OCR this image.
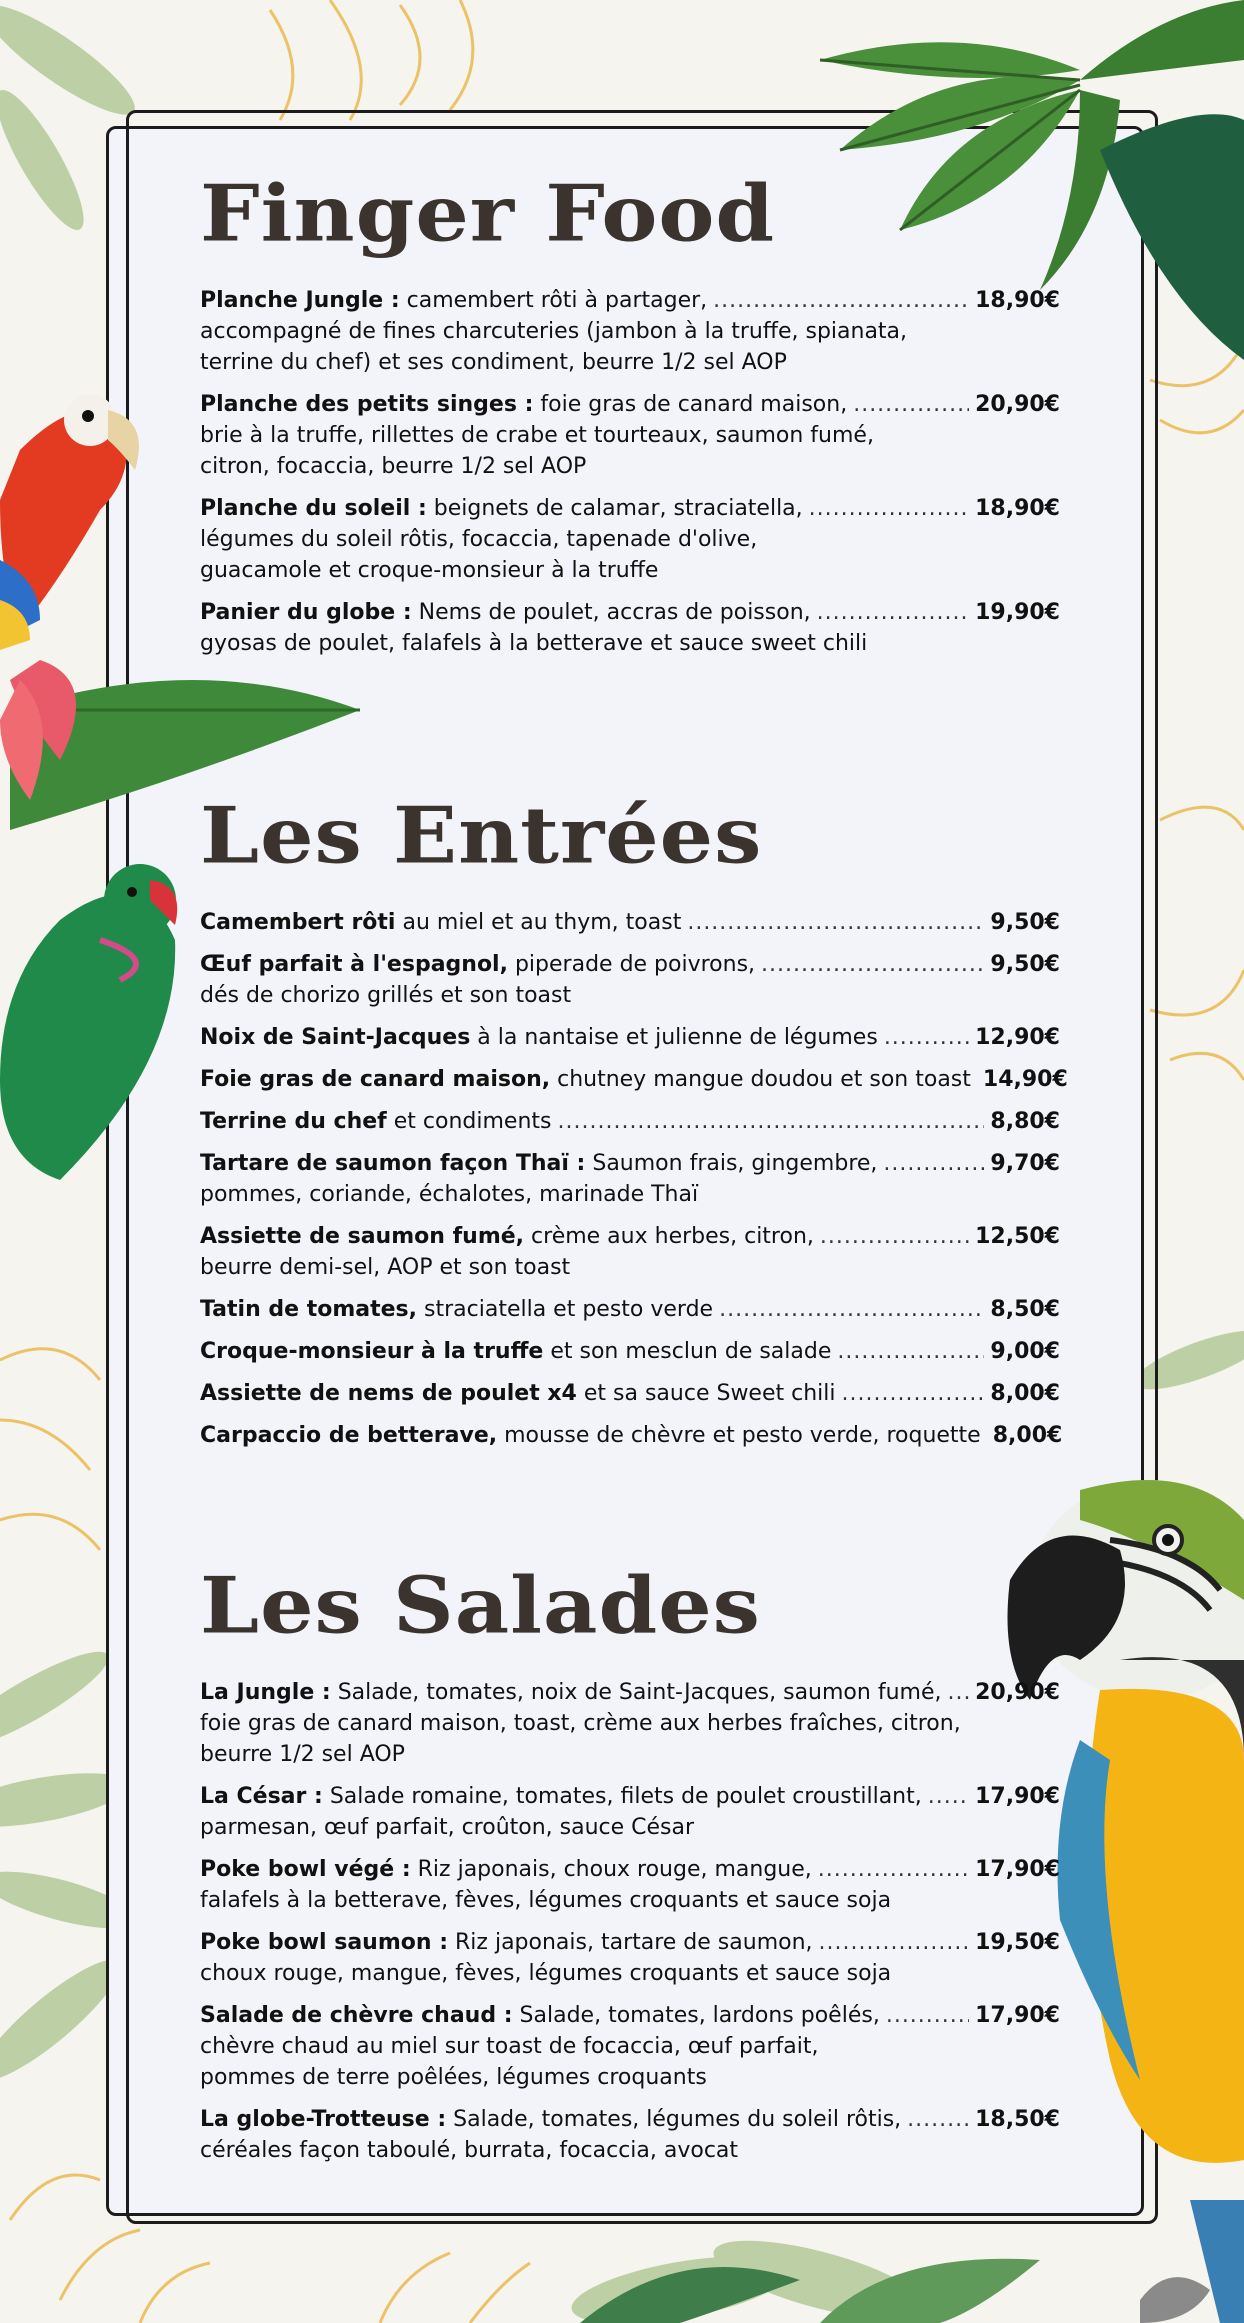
Finger Food
Planche Jungle : camembert rôti à partager, .....	18,90€
accompagné de fines charcuteries (jambon à la truffe, spianata,
terrine du chef) et ses condiment, beurre 1/2 sel AOP
Planche des petits singes : foie gras de canard maison, .....	20,90€
brie à la truffe, rillettes de crabe et tourteaux, saumon fumé,
citron, focaccia, beurre 1/2 sel AOP
Planche du soleil : beignets de calamar, straciatella, .....	18,90€
légumes du soleil rôtis, focaccia, tapenade d'olive,
guacamole et croque-monsieur à la truffe
Panier du globe : Nems de poulet, accras de poisson, .....	19,90€
gyosas de poulet, falafels à la betterave et sauce sweet chili
Les Entrées
Camembert rôti au miel et au thym, toast .....	9,50€
Œuf parfait à l'espagnol, piperade de poivrons, .....	9,50€
dés de chorizo grillés et son toast
Noix de Saint-Jacques à la nantaise et julienne de légumes .....	12,90€
Foie gras de canard maison, chutney mangue doudou et son toast 14,90€
Terrine du chef et condiments .....	8,80€
Tartare de saumon façon Thaï : Saumon frais, gingembre, .....	9,70€
pommes, coriande, échalotes, marinade Thaï
Assiette de saumon fumé, crème aux herbes, citron, .....	12,50€
beurre demi-sel, AOP et son toast
Tatin de tomates, straciatella et pesto verde .....	8,50€
Croque-monsieur à la truffe et son mesclun de salade .....	9,00€
Assiette de nems de poulet x4 et sa sauce Sweet chili .....	8,00€
Carpaccio de betterave, mousse de chèvre et pesto verde, roquette 8,00€
Les Salades
La Jungle : Salade, tomates, noix de Saint-Jacques, saumon fumé, ..... 20,90€
foie gras de canard maison, toast, crème aux herbes fraîches, citron,
beurre 1/2 sel AOP
La César : Salade romaine, tomates, filets de poulet croustillant, ..... 17,90€
parmesan, œuf parfait, croûton, sauce César
Poke bowl végé : Riz japonais, choux rouge, mangue, .....	17,90€
falafels à la betterave, fèves, légumes croquants et sauce soja
Poke bowl saumon : Riz japonais, tartare de saumon, .....	19,50€
choux rouge, mangue, fèves, légumes croquants et sauce soja
Salade de chèvre chaud : Salade, tomates, lardons poêlés, .....	17,90€
chèvre chaud au miel sur toast de focaccia, œuf parfait,
pommes de terre poêlées, légumes croquants
La globe-Trotteuse : Salade, tomates, légumes du soleil rôtis, .....	18,50€
céréales façon taboulé, burrata, focaccia, avocat
